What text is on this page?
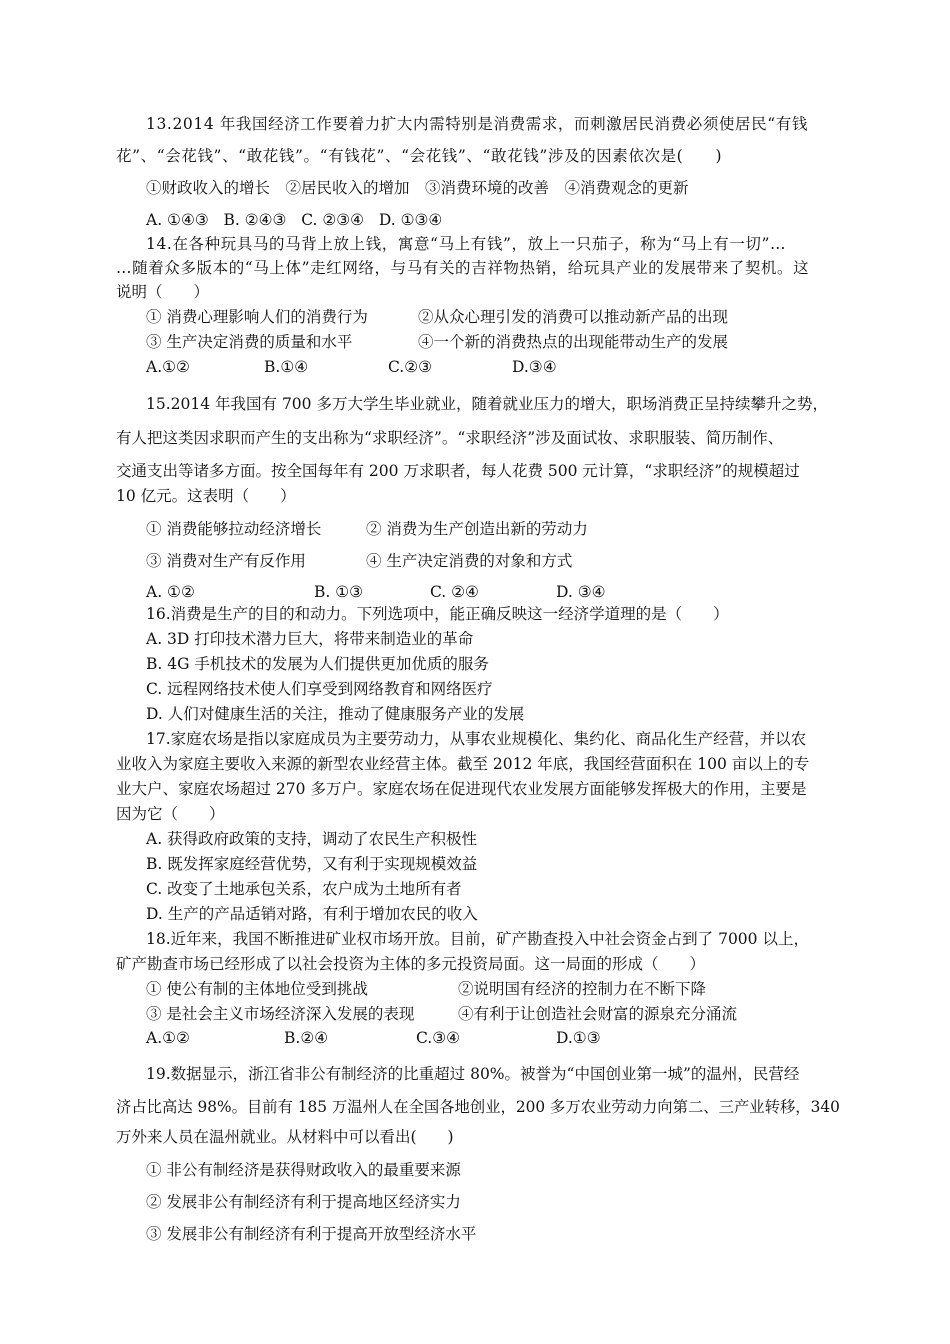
13.2014 年我国经济工作要着力扩大内需特别是消费需求，而刺激居民消费必须使居民“有钱
花”、“会花钱”、“敢花钱”。“有钱花”、“会花钱”、“敢花钱”涉及的因素依次是(　　)
①财政收入的增长　②居民收入的增加　③消费环境的改善　④消费观念的更新
A. ①④③ B. ②④③ C. ②③④ D. ①③④
14.在各种玩具马的马背上放上钱，寓意“马上有钱”，放上一只茄子，称为“马上有一切”…
…随着众多版本的“马上体”走红网络，与马有关的吉祥物热销，给玩具产业的发展带来了契机。这
说明（　　）
① 消费心理影响人们的消费行为	②从众心理引发的消费可以推动新产品的出现
③ 生产决定消费的质量和水平	④一个新的消费热点的出现能带动生产的发展
A.①②	B.①④	C.②③	D.③④
15.2014 年我国有 700 多万大学生毕业就业，随着就业压力的增大，职场消费正呈持续攀升之势，
有人把这类因求职而产生的支出称为“求职经济”。“求职经济”涉及面试妆、求职服装、简历制作、
交通支出等诸多方面。按全国每年有 200 万求职者，每人花费 500 元计算，“求职经济”的规模超过
10 亿元。这表明（　　）
① 消费能够拉动经济增长	② 消费为生产创造出新的劳动力
③ 消费对生产有反作用	④ 生产决定消费的对象和方式
A. ①②	B. ①③	C. ②④	D. ③④
16.消费是生产的目的和动力。下列选项中，能正确反映这一经济学道理的是（　　）
A. 3D 打印技术潜力巨大，将带来制造业的革命
B. 4G 手机技术的发展为人们提供更加优质的服务
C. 远程网络技术使人们享受到网络教育和网络医疗
D. 人们对健康生活的关注，推动了健康服务产业的发展
17.家庭农场是指以家庭成员为主要劳动力，从事农业规模化、集约化、商品化生产经营，并以农
业收入为家庭主要收入来源的新型农业经营主体。截至 2012 年底，我国经营面积在 100 亩以上的专
业大户、家庭农场超过 270 多万户。家庭农场在促进现代农业发展方面能够发挥极大的作用，主要是
因为它（　　）
A. 获得政府政策的支持，调动了农民生产积极性
B. 既发挥家庭经营优势，又有利于实现规模效益
C. 改变了土地承包关系，农户成为土地所有者
D. 生产的产品适销对路，有利于增加农民的收入
18.近年来，我国不断推进矿业权市场开放。目前，矿产勘查投入中社会资金占到了 7000 以上，
矿产勘查市场已经形成了以社会投资为主体的多元投资局面。这一局面的形成（　　）
① 使公有制的主体地位受到挑战	②说明国有经济的控制力在不断下降
③ 是社会主义市场经济深入发展的表现	④有利于让创造社会财富的源泉充分涌流
A.①②	B.②④	C.③④	D.①③
19.数据显示，浙江省非公有制经济的比重超过 80%。被誉为“中国创业第一城”的温州，民营经
济占比高达 98%。目前有 185 万温州人在全国各地创业，200 多万农业劳动力向第二、三产业转移，340
万外来人员在温州就业。从材料中可以看出(　　)
① 非公有制经济是获得财政收入的最重要来源
② 发展非公有制经济有利于提高地区经济实力
③ 发展非公有制经济有利于提高开放型经济水平
